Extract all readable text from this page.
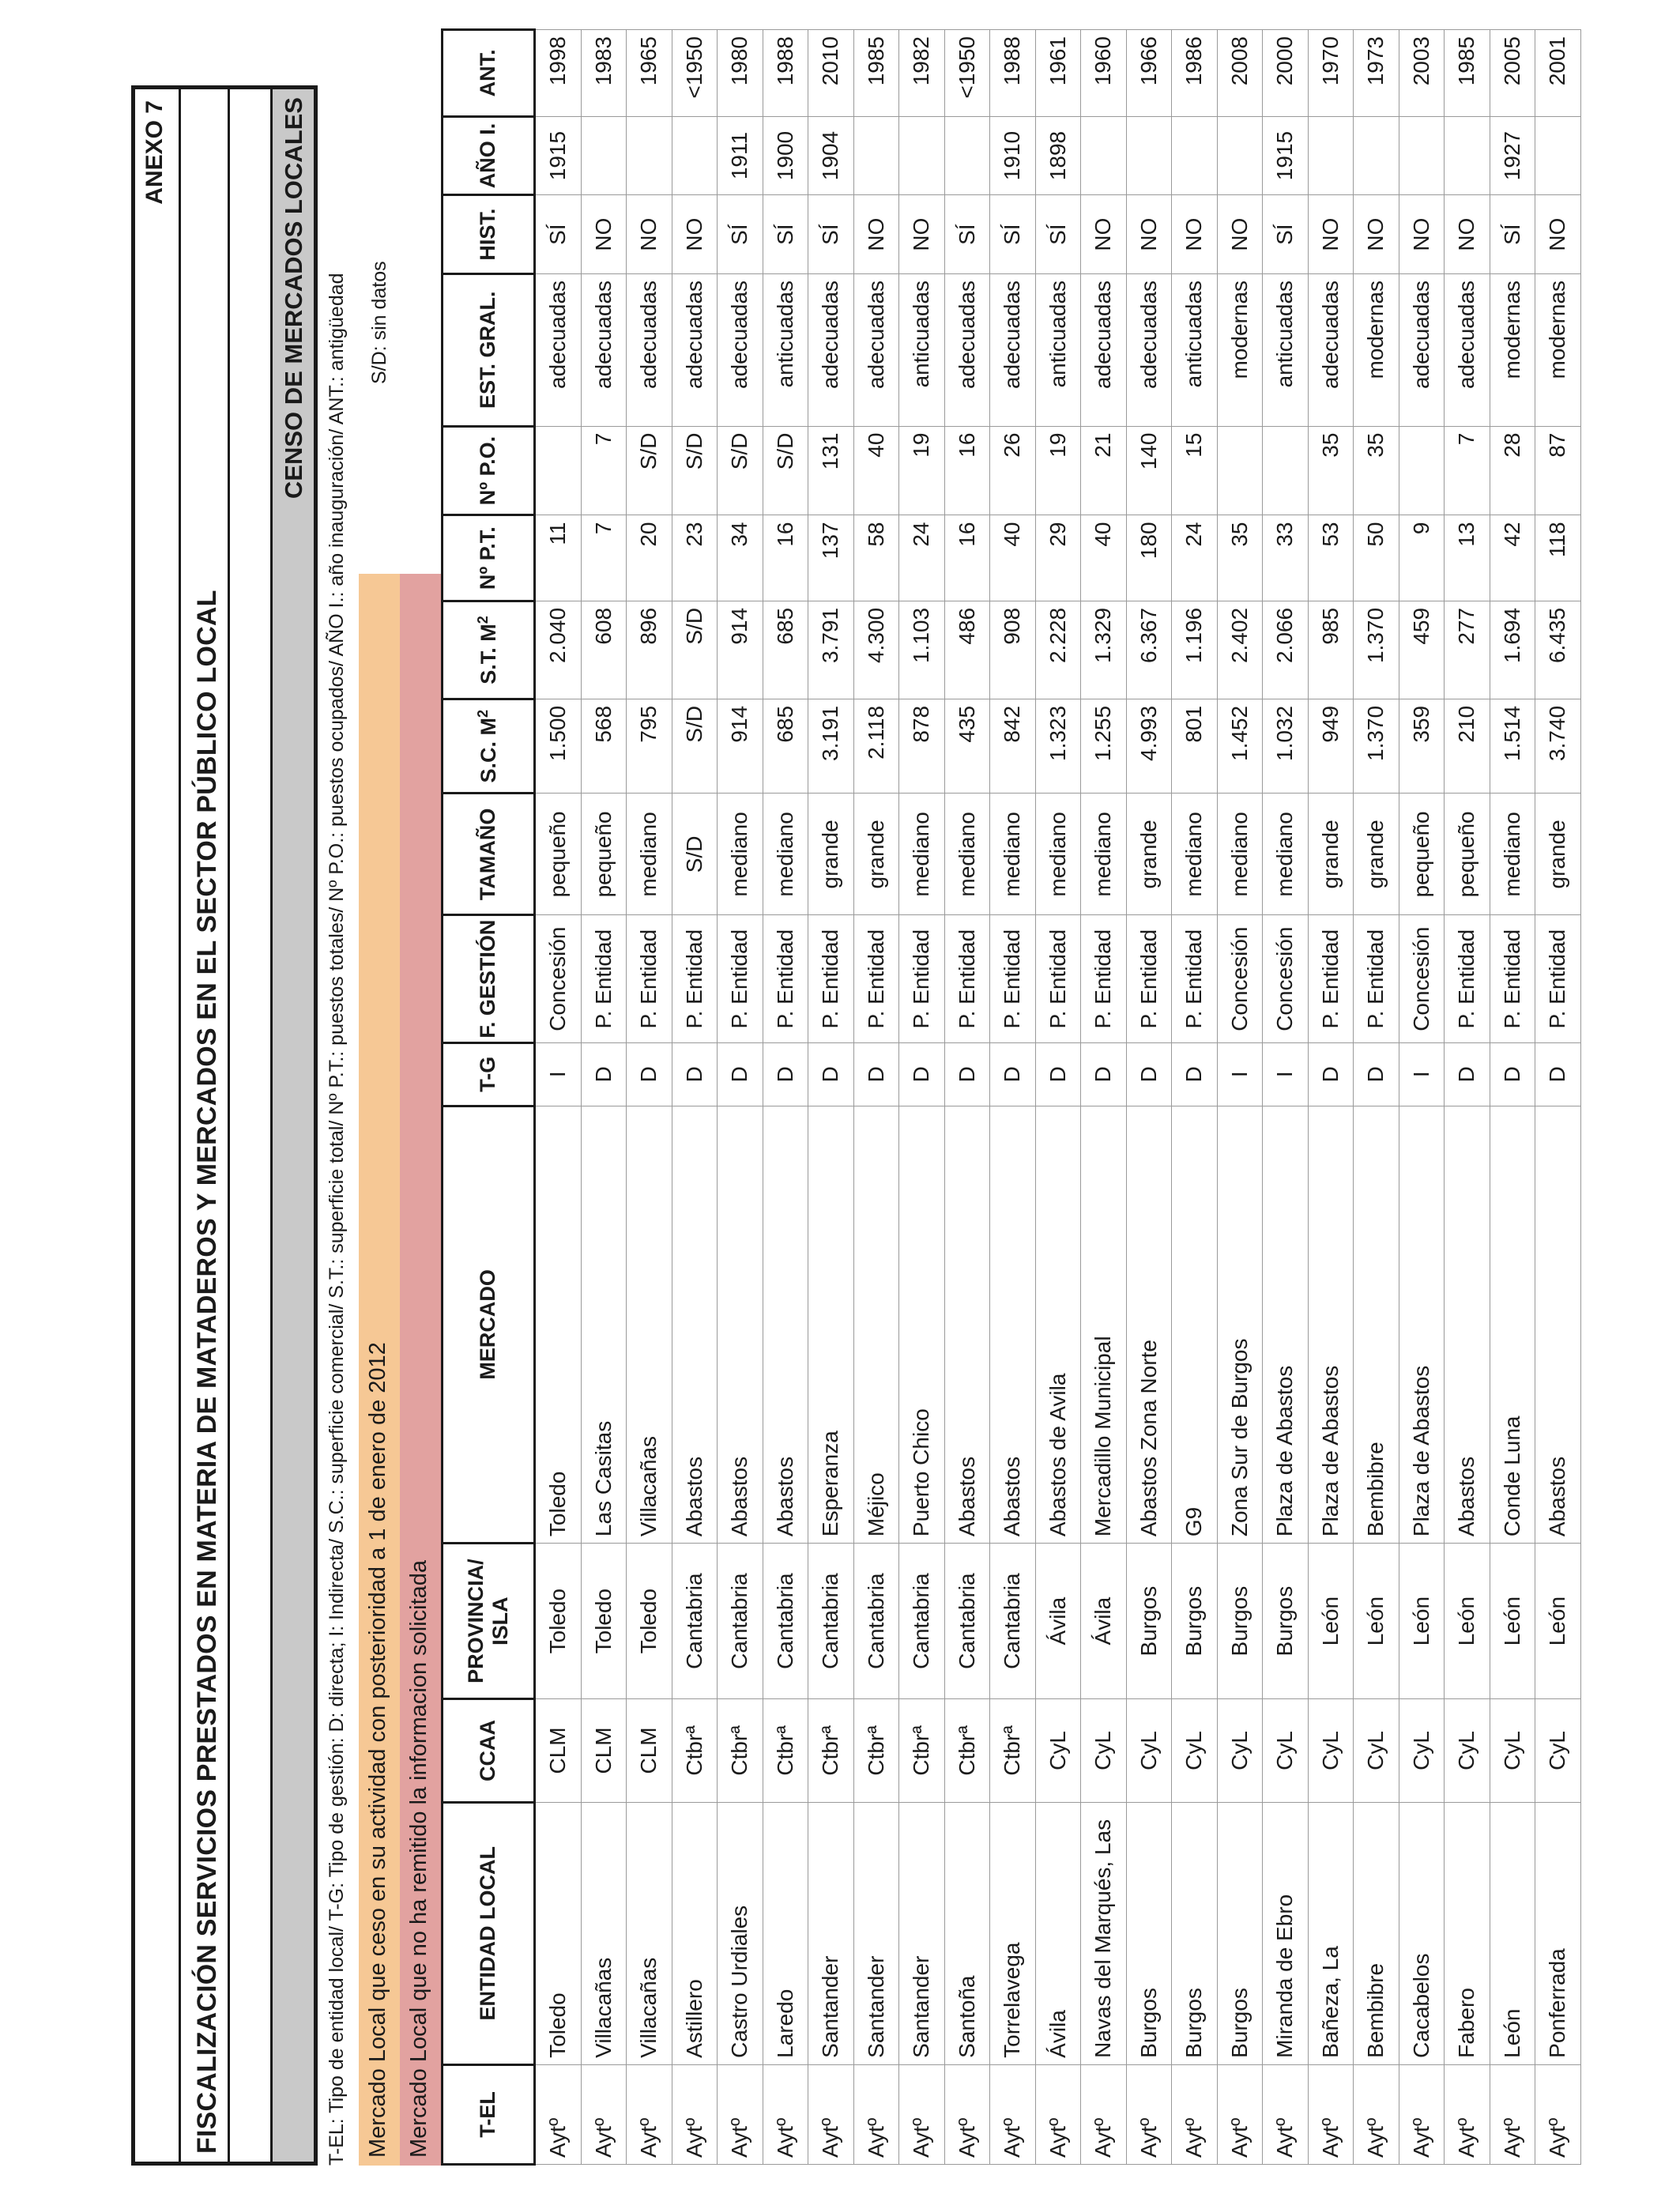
ANEXO 7
FISCALIZACIÓN SERVICIOS PRESTADOS EN MATERIA DE MATADEROS Y MERCADOS EN EL SECTOR PÚBLICO LOCAL
CENSO DE MERCADOS LOCALES T-EL: Tipo de entidad local/ T-G: Tipo de gestión: D: directa; I: Indirecta/ S.C.: superficie comercial/ S.T.: superficie total/ Nº P.T.: puestos totales/ Nº P.O.: puestos ocupados/ AÑO I.: año inauguración/ ANT.: antigüedad S/D: sin datos
Mercado Local que ceso en su actividad con posterioridad a 1 de enero de 2012 Mercado Local que no ha remitido la informacion solicitada	T-EL	ENTIDAD LOCAL	CCAA	PROVINCIA/ ISLA	MERCADO	T-G	F. GESTIÓN	TAMAÑO	S.C. $M^2$	S.T. $M^2$	Nº P.T.	Nº P.O.	EST. GRAL.	HIST.	AÑO I.	ANT.
Aytº	Toledo	CLM	Toledo	Toledo	I	Concesión	pequeño	1.500	2.040	11		adecuadas	SÍ	1915	1998
Aytº	Villacañas	CLM	Toledo	Las Casitas	D	P. Entidad	pequeño	568	608	7	7	adecuadas	NO		1983
Aytº	Villacañas	CLM	Toledo	Villacañas	D	P. Entidad	mediano	795	896	20	S/D	adecuadas	NO		1965
Aytº	Astillero	Ctbrª	Cantabria	Abastos	D	P. Entidad	S/D	S/D	S/D	23	S/D	adecuadas	NO		<1950
Aytº	Castro Urdiales	Ctbrª	Cantabria	Abastos	D	P. Entidad	mediano	914	914	34	S/D	adecuadas	SÍ	1911	1980
Aytº	Laredo	Ctbrª	Cantabria	Abastos	D	P. Entidad	mediano	685	685	16	S/D	anticuadas	SÍ	1900	1988
Aytº	Santander	Ctbrª	Cantabria	Esperanza	D	P. Entidad	grande	3.191	3.791	137	131	adecuadas	SÍ	1904	2010
Aytº	Santander	Ctbrª	Cantabria	Méjico	D	P. Entidad	grande	2.118	4.300	58	40	adecuadas	NO		1985
Aytº	Santander	Ctbrª	Cantabria	Puerto Chico	D	P. Entidad	mediano	878	1.103	24	19	anticuadas	NO		1982
Aytº	Santoña	Ctbrª	Cantabria	Abastos	D	P. Entidad	mediano	435	486	16	16	adecuadas	SÍ		<1950
Aytº	Torrelavega	Ctbrª	Cantabria	Abastos	D	P. Entidad	mediano	842	908	40	26	adecuadas	SÍ	1910	1988
Aytº	Ávila	CyL	Ávila	Abastos de Avila	D	P. Entidad	mediano	1.323	2.228	29	19	anticuadas	SÍ	1898	1961
Aytº	Navas del Marqués, Las	CyL	Ávila	Mercadillo Municipal	D	P. Entidad	mediano	1.255	1.329	40	21	adecuadas	NO		1960
Aytº	Burgos	CyL	Burgos	Abastos Zona Norte	D	P. Entidad	grande	4.993	6.367	180	140	adecuadas	NO		1966
Aytº	Burgos	CyL	Burgos	G9	D	P. Entidad	mediano	801	1.196	24	15	anticuadas	NO		1986
Aytº	Burgos	CyL	Burgos	Zona Sur de Burgos	I	Concesión	mediano	1.452	2.402	35		modernas	NO		2008
Aytº	Miranda de Ebro	CyL	Burgos	Plaza de Abastos	I	Concesión	mediano	1.032	2.066	33		anticuadas	SÍ	1915	2000
Aytº	Bañeza, La	CyL	León	Plaza de Abastos	D	P. Entidad	grande	949	985	53	35	adecuadas	NO		1970
Aytº	Bembibre	CyL	León	Bembibre	D	P. Entidad	grande	1.370	1.370	50	35	modernas	NO		1973
Aytº	Cacabelos	CyL	León	Plaza de Abastos	I	Concesión	pequeño	359	459	9		adecuadas	NO		2003
Aytº	Fabero	CyL	León	Abastos	D	P. Entidad	pequeño	210	277	13	7	adecuadas	NO		1985
Aytº	León	CyL	León	Conde Luna	D	P. Entidad	mediano	1.514	1.694	42	28	modernas	SÍ	1927	2005
Aytº	Ponferrada	CyL	León	Abastos	D	P. Entidad	grande	3.740	6.435	118	87	modernas	NO		2001
